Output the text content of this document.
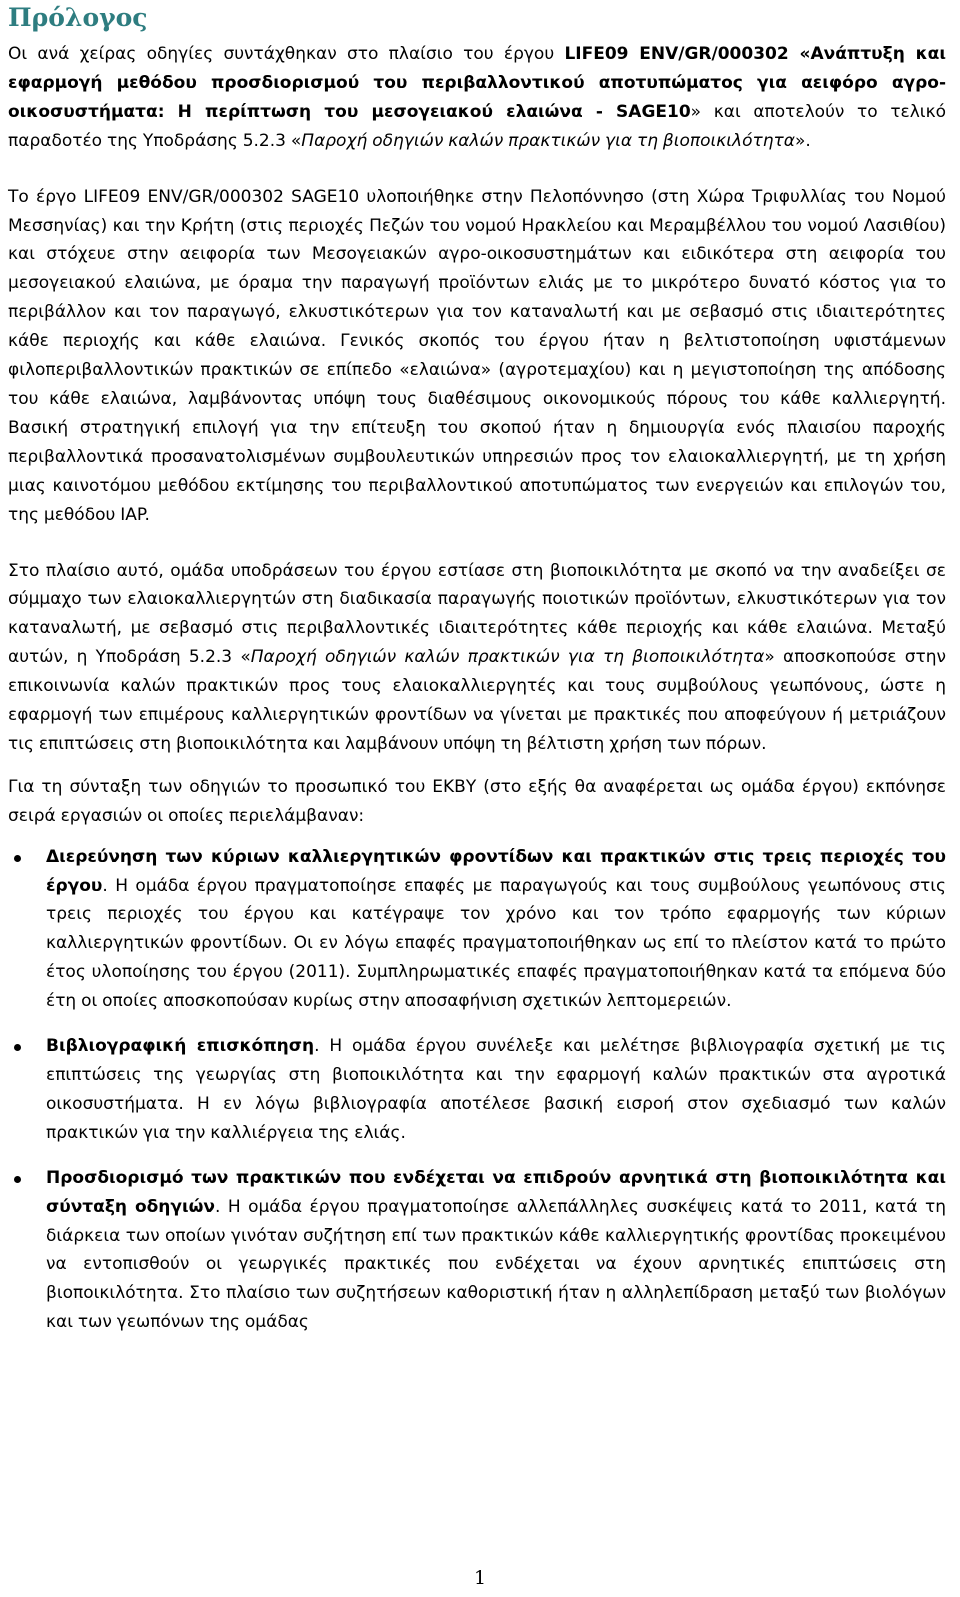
Πρόλογος

Οι ανά χείρας οδηγίες συντάχθηκαν στο πλαίσιο του έργου LIFE09 ENV/GR/000302 «Ανάπτυξη και εφαρμογή μεθόδου προσδιορισμού του περιβαλλοντικού αποτυπώματος για αειφόρο αγρο-οικοσυστήματα: Η περίπτωση του μεσογειακού ελαιώνα - SAGE10» και αποτελούν το τελικό παραδοτέο της Υποδράσης 5.2.3 «Παροχή οδηγιών καλών πρακτικών για τη βιοποικιλότητα».

Το έργο LIFE09 ENV/GR/000302 SAGE10 υλοποιήθηκε στην Πελοπόννησο (στη Χώρα Τριφυλλίας του Νομού Μεσσηνίας) και την Κρήτη (στις περιοχές Πεζών του νομού Ηρακλείου και Μεραμβέλλου του νομού Λασιθίου) και στόχευε στην αειφορία των Μεσογειακών αγρο-οικοσυστημάτων και ειδικότερα στη αειφορία του μεσογειακού ελαιώνα, με όραμα την παραγωγή προϊόντων ελιάς με το μικρότερο δυνατό κόστος για το περιβάλλον και τον παραγωγό, ελκυστικότερων για τον καταναλωτή και με σεβασμό στις ιδιαιτερότητες κάθε περιοχής και κάθε ελαιώνα. Γενικός σκοπός του έργου ήταν η βελτιστοποίηση υφιστάμενων φιλοπεριβαλλοντικών πρακτικών σε επίπεδο «ελαιώνα» (αγροτεμαχίου) και η μεγιστοποίηση της απόδοσης του κάθε ελαιώνα, λαμβάνοντας υπόψη τους διαθέσιμους οικονομικούς πόρους του κάθε καλλιεργητή. Βασική στρατηγική επιλογή για την επίτευξη του σκοπού ήταν η δημιουργία ενός πλαισίου παροχής περιβαλλοντικά προσανατολισμένων συμβουλευτικών υπηρεσιών προς τον ελαιοκαλλιεργητή, με τη χρήση μιας καινοτόμου μεθόδου εκτίμησης του περιβαλλοντικού αποτυπώματος των ενεργειών και επιλογών του, της μεθόδου IAP.

Στο πλαίσιο αυτό, ομάδα υποδράσεων του έργου εστίασε στη βιοποικιλότητα με σκοπό να την αναδείξει σε σύμμαχο των ελαιοκαλλιεργητών στη διαδικασία παραγωγής ποιοτικών προϊόντων, ελκυστικότερων για τον καταναλωτή, με σεβασμό στις περιβαλλοντικές ιδιαιτερότητες κάθε περιοχής και κάθε ελαιώνα. Μεταξύ αυτών, η Υποδράση 5.2.3 «Παροχή οδηγιών καλών πρακτικών για τη βιοποικιλότητα» αποσκοπούσε στην επικοινωνία καλών πρακτικών προς τους ελαιοκαλλιεργητές και τους συμβούλους γεωπόνους, ώστε η εφαρμογή των επιμέρους καλλιεργητικών φροντίδων να γίνεται με πρακτικές που αποφεύγουν ή μετριάζουν τις επιπτώσεις στη βιοποικιλότητα και λαμβάνουν υπόψη τη βέλτιστη χρήση των πόρων.

Για τη σύνταξη των οδηγιών το προσωπικό του ΕΚΒΥ (στο εξής θα αναφέρεται ως ομάδα έργου) εκπόνησε σειρά εργασιών οι οποίες περιελάμβαναν:

Διερεύνηση των κύριων καλλιεργητικών φροντίδων και πρακτικών στις τρεις περιοχές του έργου. Η ομάδα έργου πραγματοποίησε επαφές με παραγωγούς και τους συμβούλους γεωπόνους στις τρεις περιοχές του έργου και κατέγραψε τον χρόνο και τον τρόπο εφαρμογής των κύριων καλλιεργητικών φροντίδων. Οι εν λόγω επαφές πραγματοποιήθηκαν ως επί το πλείστον κατά το πρώτο έτος υλοποίησης του έργου (2011). Συμπληρωματικές επαφές πραγματοποιήθηκαν κατά τα επόμενα δύο έτη οι οποίες αποσκοπούσαν κυρίως στην αποσαφήνιση σχετικών λεπτομερειών.

Βιβλιογραφική επισκόπηση. Η ομάδα έργου συνέλεξε και μελέτησε βιβλιογραφία σχετική με τις επιπτώσεις της γεωργίας στη βιοποικιλότητα και την εφαρμογή καλών πρακτικών στα αγροτικά οικοσυστήματα. Η εν λόγω βιβλιογραφία αποτέλεσε βασική εισροή στον σχεδιασμό των καλών πρακτικών για την καλλιέργεια της ελιάς.

Προσδιορισμό των πρακτικών που ενδέχεται να επιδρούν αρνητικά στη βιοποικιλότητα και σύνταξη οδηγιών. Η ομάδα έργου πραγματοποίησε αλλεπάλληλες συσκέψεις κατά το 2011, κατά τη διάρκεια των οποίων γινόταν συζήτηση επί των πρακτικών κάθε καλλιεργητικής φροντίδας προκειμένου να εντοπισθούν οι γεωργικές πρακτικές που ενδέχεται να έχουν αρνητικές επιπτώσεις στη βιοποικιλότητα. Στο πλαίσιο των συζητήσεων καθοριστική ήταν η αλληλεπίδραση μεταξύ των βιολόγων και των γεωπόνων της ομάδας

1
